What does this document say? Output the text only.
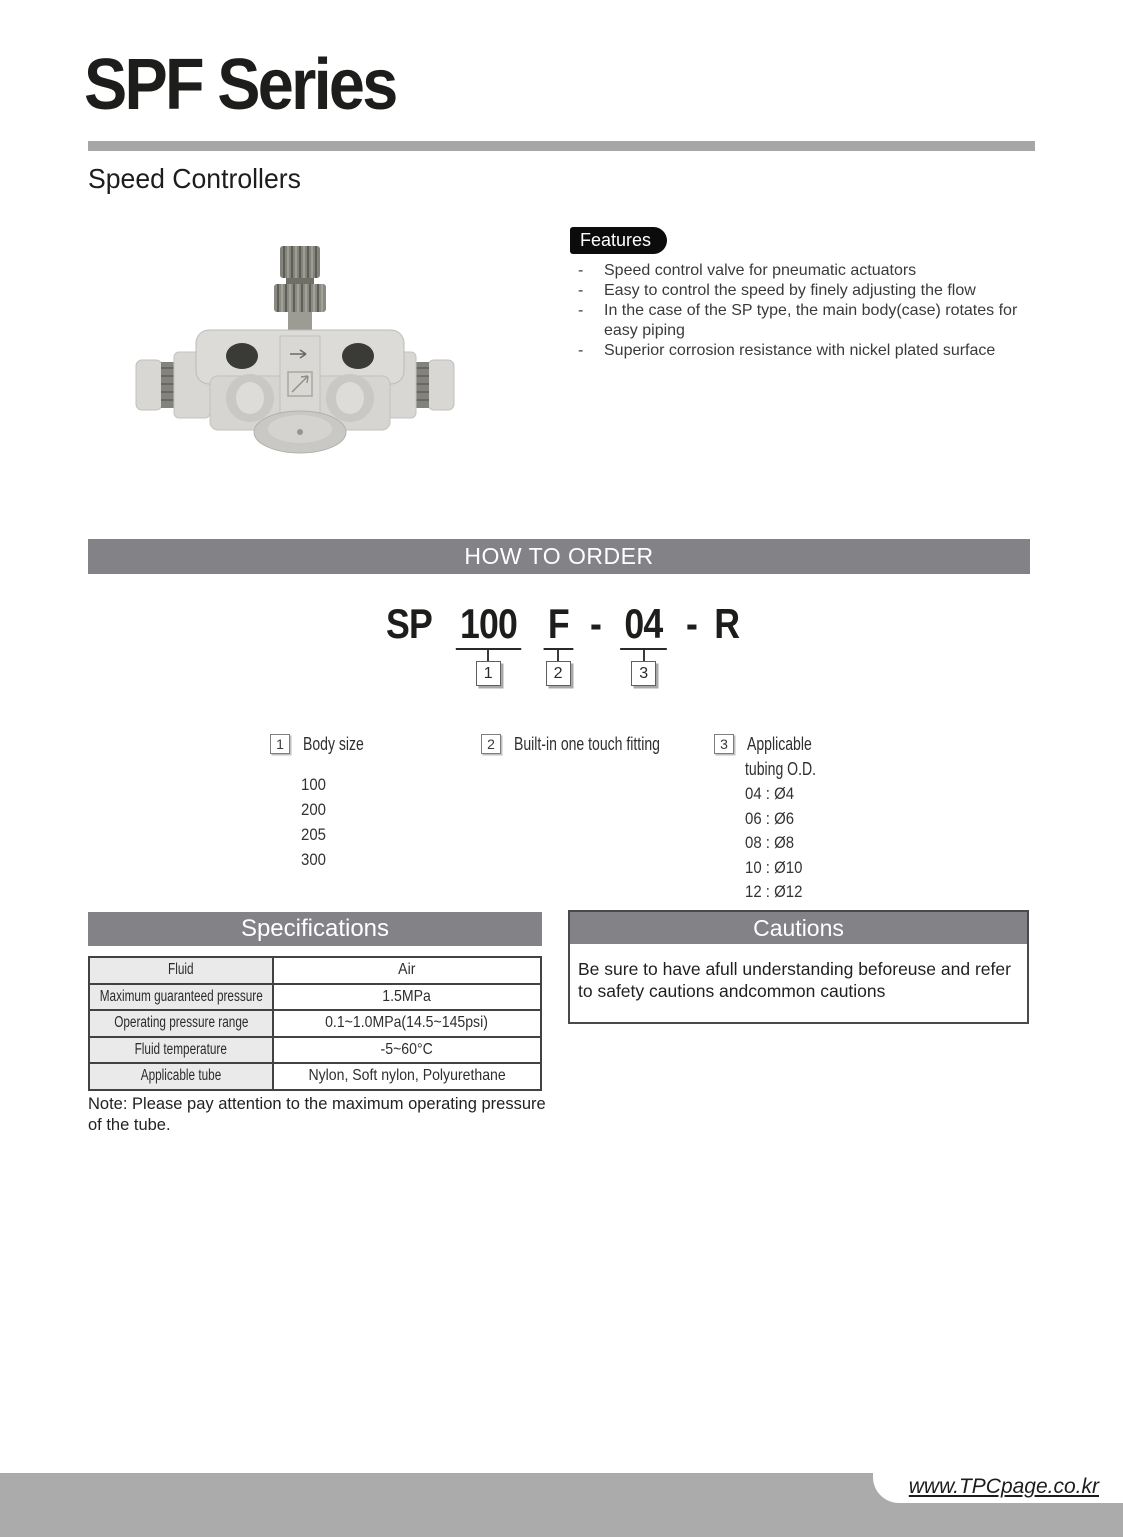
SPF Series
Speed Controllers
Features
-	Speed control valve for pneumatic actuators
-	Easy to control the speed by finely adjusting the flow
-	In the case of the SP type, the main body(case) rotates for easy piping
-	Superior corrosion resistance with nickel plated surface
HOW TO ORDER
SP 100
1
F
2
- 04
3
- R
1	Body size
100
200
205
300
2	Built-in one touch fitting	3	Applicable
tubing O.D.
04 : Ø4
06 : Ø6
08 : Ø8
10 : Ø10
12 : Ø12
Specifications
Fluid	Air
Maximum guaranteed pressure	1.5MPa
Operating pressure range	0.1~1.0MPa(14.5~145psi)
Fluid temperature	-5~60°C
Applicable tube	Nylon, Soft nylon, Polyurethane
Note: Please pay attention to the maximum operating pressure of the tube.
Cautions
Be sure to have afull understanding beforeuse and refer to safety cautions andcommon cautions
www.TPCpage.co.kr
